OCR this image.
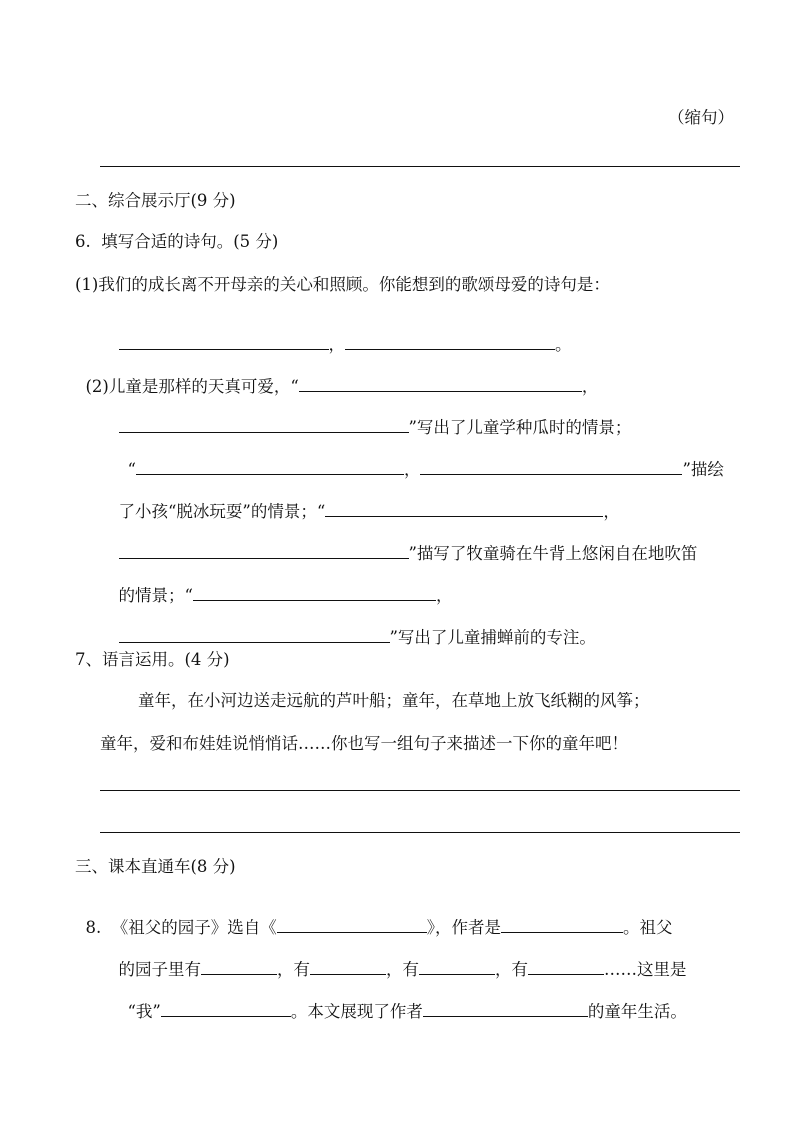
（缩句）
二、综合展示厅(9 分)
6.  填写合适的诗句。(5 分)
(1)我们的成长离不开母亲的关心和照顾。你能想到的歌颂母爱的诗句是：

，	。

(2)儿童是那样的天真可爱，“	，

”写出了儿童学种瓜时的情景；

“	，	”描绘

了小孩“脱冰玩耍”的情景；“	，

”描写了牧童骑在牛背上悠闲自在地吹笛

的情景；“	，

”写出了儿童捕蝉前的专注。

7、语言运用。(4 分)
童年，在小河边送走远航的芦叶船；童年，在草地上放飞纸糊的风筝；
童年，爱和布娃娃说悄悄话……你也写一组句子来描述一下你的童年吧！
三、课本直通车(8 分)

8.  《祖父的园子》选自《	》，作者是	。祖父

的园子里有	，有	，有	，有	……这里是

“我”	。本文展现了作者	的童年生活。
